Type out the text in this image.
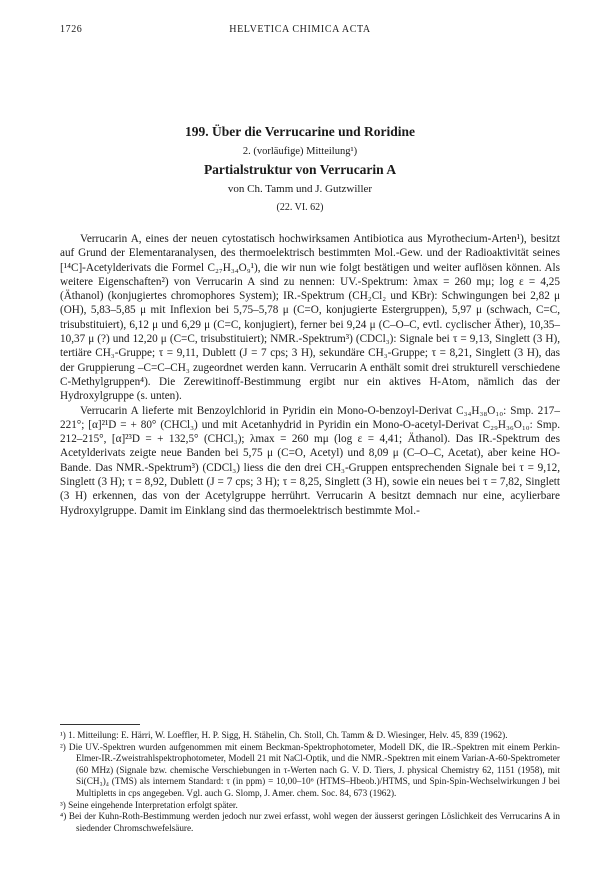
1726	HELVETICA CHIMICA ACTA
199. Über die Verrucarine und Roridine
2. (vorläufige) Mitteilung¹)
Partialstruktur von Verrucarin A
von Ch. Tamm und J. Gutzwiller
(22. VI. 62)

Verrucarin A, eines der neuen cytostatisch hochwirksamen Antibiotica aus Myrothecium-Arten¹), besitzt auf Grund der Elementaranalysen, des thermoelektrisch bestimmten Mol.-Gew. und der Radioaktivität seines [¹⁴C]-Acetylderivats die Formel C₂₇H₃₄O₉¹), die wir nun wie folgt bestätigen und weiter auflösen können. Als weitere Eigenschaften²) von Verrucarin A sind zu nennen: UV.-Spektrum: λmax = 260 mμ; log ε = 4,25 (Äthanol) (konjugiertes chromophores System); IR.-Spektrum (CH₂Cl₂ und KBr): Schwingungen bei 2,82 μ (OH), 5,83–5,85 μ mit Inflexion bei 5,75–5,78 μ (C=O, konjugierte Estergruppen), 5,97 μ (schwach, C=C, trisubstituiert), 6,12 μ und 6,29 μ (C=C, konjugiert), ferner bei 9,24 μ (C–O–C, evtl. cyclischer Äther), 10,35–10,37 μ (?) und 12,20 μ (C=C, trisubstituiert); NMR.-Spektrum³) (CDCl₃): Signale bei τ = 9,13, Singlett (3 H), tertiäre CH₃-Gruppe; τ = 9,11, Dublett (J = 7 cps; 3 H), sekundäre CH₃-Gruppe; τ = 8,21, Singlett (3 H), das der Gruppierung –C=C–CH₃ zugeordnet werden kann. Verrucarin A enthält somit drei strukturell verschiedene C-Methylgruppen⁴). Die Zerewitinoff-Bestimmung ergibt nur ein aktives H-Atom, nämlich das der Hydroxylgruppe (s. unten).

Verrucarin A lieferte mit Benzoylchlorid in Pyridin ein Mono-O-benzoyl-Derivat C₃₄H₃₈O₁₀: Smp. 217–221°; [α]²¹D = + 80° (CHCl₃) und mit Acetanhydrid in Pyridin ein Mono-O-acetyl-Derivat C₂₉H₃₆O₁₀: Smp. 212–215°, [α]²³D = + 132,5° (CHCl₃); λmax = 260 mμ (log ε = 4,41; Äthanol). Das IR.-Spektrum des Acetylderivats zeigte neue Banden bei 5,75 μ (C=O, Acetyl) und 8,09 μ (C–O–C, Acetat), aber keine HO-Bande. Das NMR.-Spektrum³) (CDCl₃) liess die den drei CH₃-Gruppen entsprechenden Signale bei τ = 9,12, Singlett (3 H); τ = 8,92, Dublett (J = 7 cps; 3 H); τ = 8,25, Singlett (3 H), sowie ein neues bei τ = 7,82, Singlett (3 H) erkennen, das von der Acetylgruppe herrührt. Verrucarin A besitzt demnach nur eine, acylierbare Hydroxylgruppe. Damit im Einklang sind das thermoelektrisch bestimmte Mol.-

¹) 1. Mitteilung: E. Härri, W. Loeffler, H. P. Sigg, H. Stähelin, Ch. Stoll, Ch. Tamm & D. Wiesinger, Helv. 45, 839 (1962).

²) Die UV.-Spektren wurden aufgenommen mit einem Beckman-Spektrophotometer, Modell DK, die IR.-Spektren mit einem Perkin-Elmer-IR.-Zweistrahlspektrophotometer, Modell 21 mit NaCl-Optik, und die NMR.-Spektren mit einem Varian-A-60-Spektrometer (60 MHz) (Signale bzw. chemische Verschiebungen in τ-Werten nach G. V. D. Tiers, J. physical Chemistry 62, 1151 (1958), mit Si(CH₃)₄ (TMS) als internem Standard: τ (in ppm) = 10,00–10⁶ (HTMS–Hbeob.)/HTMS, und Spin-Spin-Wechselwirkungen J bei Multipletts in cps angegeben. Vgl. auch G. Slomp, J. Amer. chem. Soc. 84, 673 (1962).

³) Seine eingehende Interpretation erfolgt später.

⁴) Bei der Kuhn-Roth-Bestimmung werden jedoch nur zwei erfasst, wohl wegen der äusserst geringen Löslichkeit des Verrucarins A in siedender Chromschwefelsäure.
